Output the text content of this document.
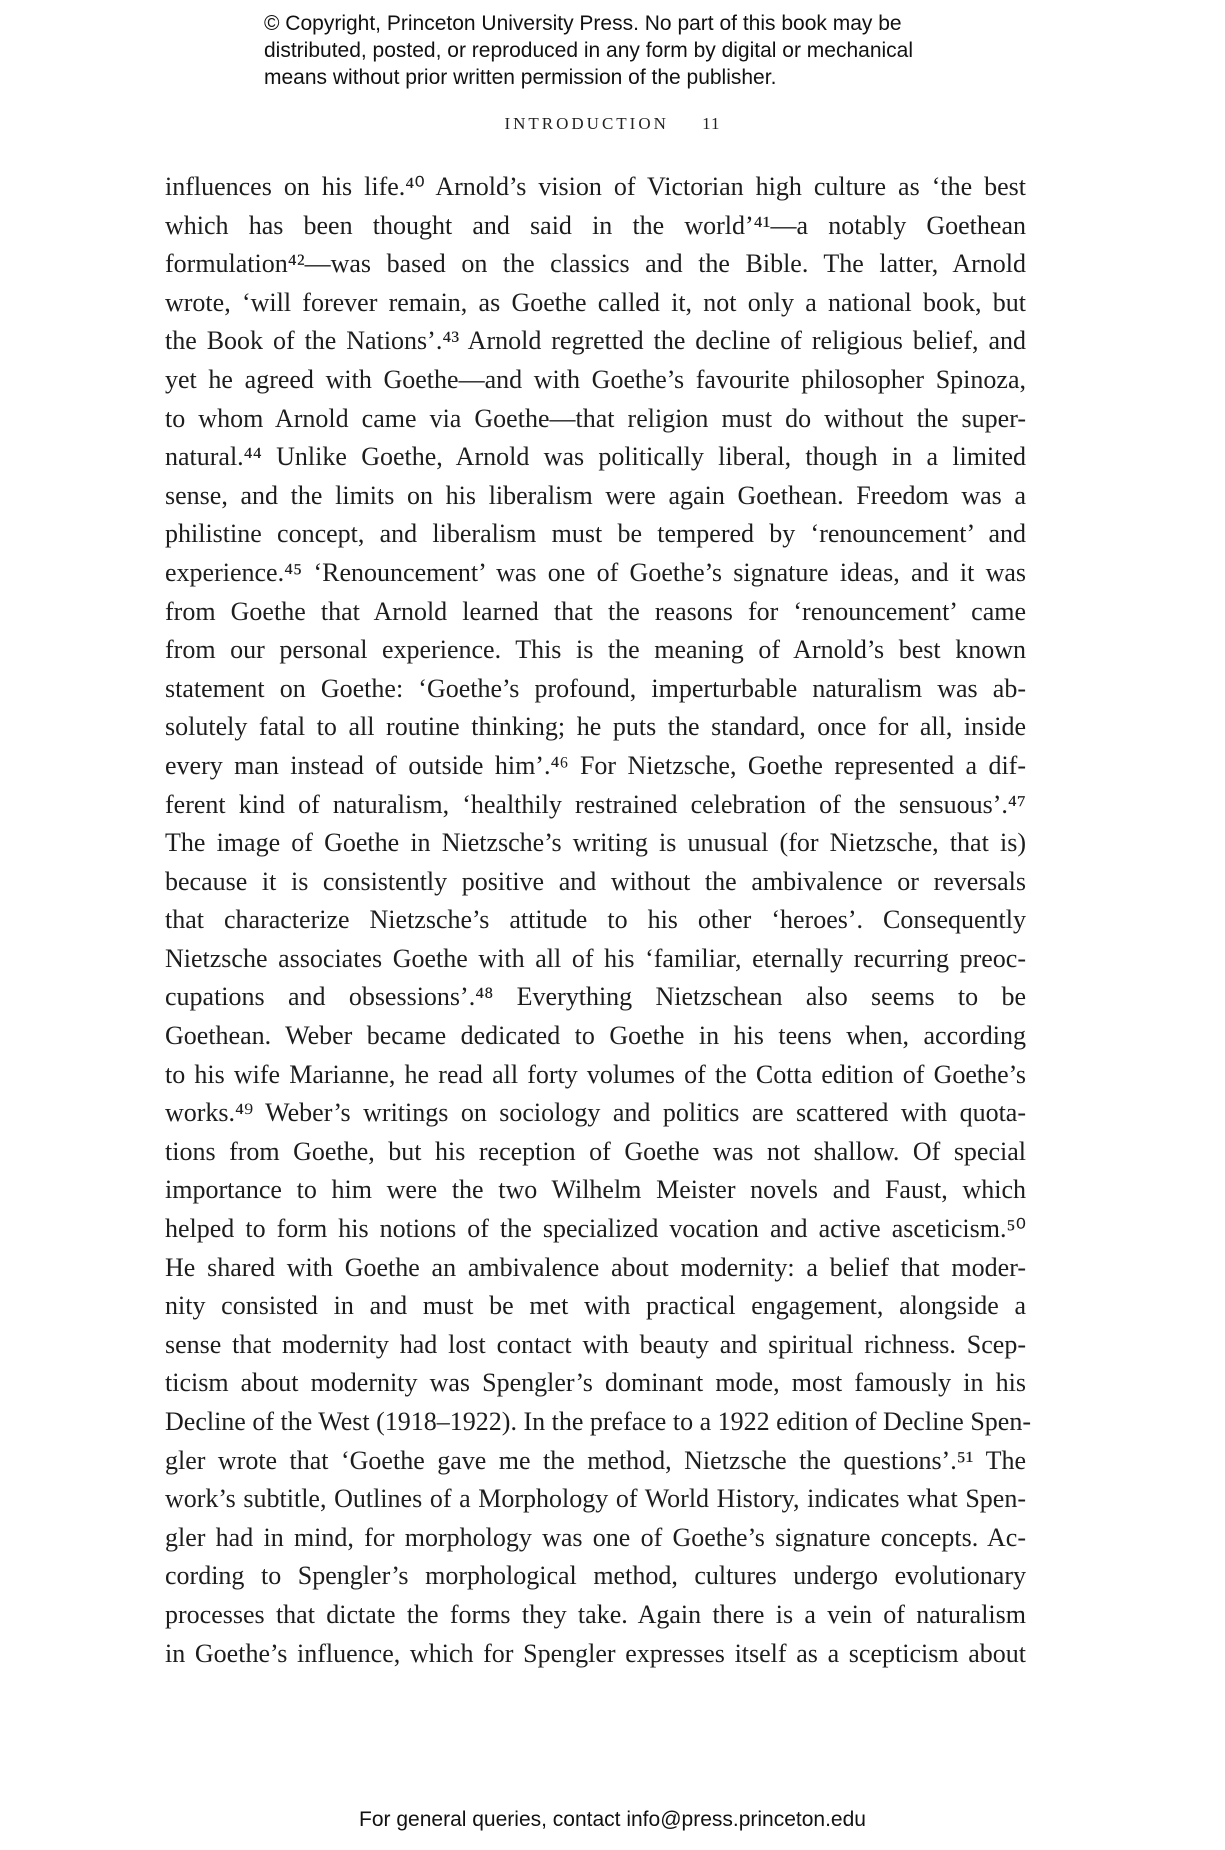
© Copyright, Princeton University Press. No part of this book may be
distributed, posted, or reproduced in any form by digital or mechanical
means without prior written permission of the publisher.
INTRODUCTION 11
influences on his life.⁴⁰ Arnold’s vision of Victorian high culture as ‘the best
which has been thought and said in the world’⁴¹—a notably Goethean
formulation⁴²—was based on the classics and the Bible. The latter, Arnold
wrote, ‘will forever remain, as Goethe called it, not only a national book, but
the Book of the Nations’.⁴³ Arnold regretted the decline of religious belief, and
yet he agreed with Goethe—and with Goethe’s favourite philosopher Spinoza,
to whom Arnold came via Goethe—that religion must do without the super-
natural.⁴⁴ Unlike Goethe, Arnold was politically liberal, though in a limited
sense, and the limits on his liberalism were again Goethean. Freedom was a
philistine concept, and liberalism must be tempered by ‘renouncement’ and
experience.⁴⁵ ‘Renouncement’ was one of Goethe’s signature ideas, and it was
from Goethe that Arnold learned that the reasons for ‘renouncement’ came
from our personal experience. This is the meaning of Arnold’s best known
statement on Goethe: ‘Goethe’s profound, imperturbable naturalism was ab-
solutely fatal to all routine thinking; he puts the standard, once for all, inside
every man instead of outside him’.⁴⁶ For Nietzsche, Goethe represented a dif-
ferent kind of naturalism, ‘healthily restrained celebration of the sensuous’.⁴⁷
The image of Goethe in Nietzsche’s writing is unusual (for Nietzsche, that is)
because it is consistently positive and without the ambivalence or reversals
that characterize Nietzsche’s attitude to his other ‘heroes’. Consequently
Nietzsche associates Goethe with all of his ‘familiar, eternally recurring preoc-
cupations and obsessions’.⁴⁸ Everything Nietzschean also seems to be
Goethean. Weber became dedicated to Goethe in his teens when, according
to his wife Marianne, he read all forty volumes of the Cotta edition of Goethe’s
works.⁴⁹ Weber’s writings on sociology and politics are scattered with quota-
tions from Goethe, but his reception of Goethe was not shallow. Of special
importance to him were the two Wilhelm Meister novels and Faust, which
helped to form his notions of the specialized vocation and active asceticism.⁵⁰
He shared with Goethe an ambivalence about modernity: a belief that moder-
nity consisted in and must be met with practical engagement, alongside a
sense that modernity had lost contact with beauty and spiritual richness. Scep-
ticism about modernity was Spengler’s dominant mode, most famously in his
Decline of the West (1918–1922). In the preface to a 1922 edition of Decline Spen-
gler wrote that ‘Goethe gave me the method, Nietzsche the questions’.⁵¹ The
work’s subtitle, Outlines of a Morphology of World History, indicates what Spen-
gler had in mind, for morphology was one of Goethe’s signature concepts. Ac-
cording to Spengler’s morphological method, cultures undergo evolutionary
processes that dictate the forms they take. Again there is a vein of naturalism
in Goethe’s influence, which for Spengler expresses itself as a scepticism about
For general queries, contact info@press.princeton.edu
